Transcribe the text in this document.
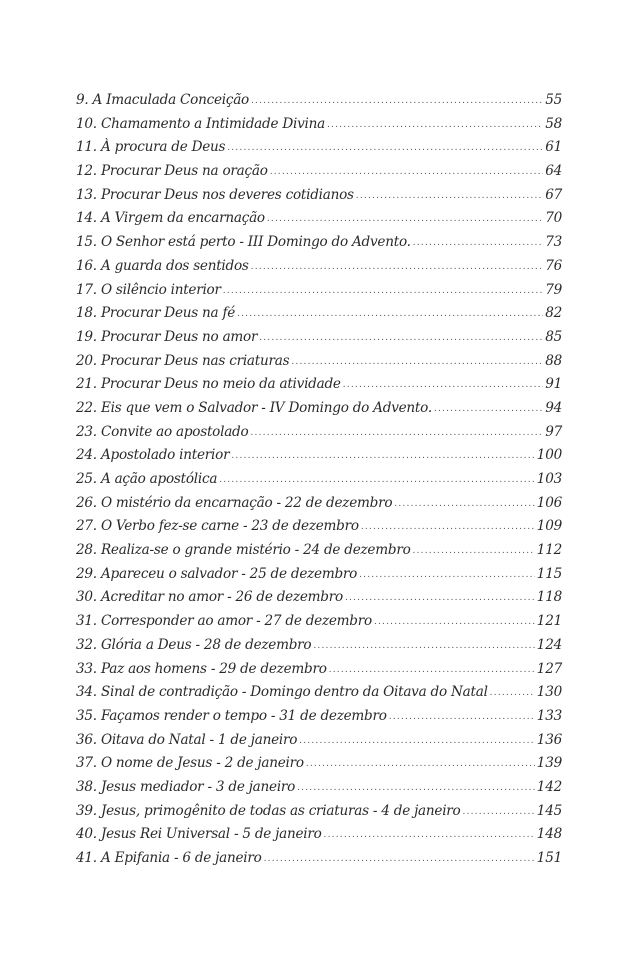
9. A Imaculada Conceição .....	55
10. Chamamento a Intimidade Divina .....	58
11. À procura de Deus .....	61
12. Procurar Deus na oração .....	64
13. Procurar Deus nos deveres cotidianos .....	67
14. A Virgem da encarnação .....	70
15. O Senhor está perto - III Domingo do Advento. .....	73
16. A guarda dos sentidos .....	76
17. O silêncio interior .....	79
18. Procurar Deus na fé .....	82
19. Procurar Deus no amor .....	85
20. Procurar Deus nas criaturas .....	88
21. Procurar Deus no meio da atividade .....	91
22. Eis que vem o Salvador - IV Domingo do Advento. .....	94
23. Convite ao apostolado .....	97
24. Apostolado interior .....	100
25. A ação apostólica .....	103
26. O mistério da encarnação - 22 de dezembro .....	106
27. O Verbo fez-se carne - 23 de dezembro .....	109
28. Realiza-se o grande mistério - 24 de dezembro .....	112
29. Apareceu o salvador - 25 de dezembro .....	115
30. Acreditar no amor - 26 de dezembro .....	118
31. Corresponder ao amor - 27 de dezembro .....	121
32. Glória a Deus - 28 de dezembro .....	124
33. Paz aos homens - 29 de dezembro .....	127
34. Sinal de contradição - Domingo dentro da Oitava do Natal .....	130
35. Façamos render o tempo - 31 de dezembro .....	133
36. Oitava do Natal - 1 de janeiro .....	136
37. O nome de Jesus - 2 de janeiro .....	139
38. Jesus mediador - 3 de janeiro .....	142
39. Jesus, primogênito de todas as criaturas - 4 de janeiro .....	145
40. Jesus Rei Universal - 5 de janeiro .....	148
41. A Epifania - 6 de janeiro .....	151
